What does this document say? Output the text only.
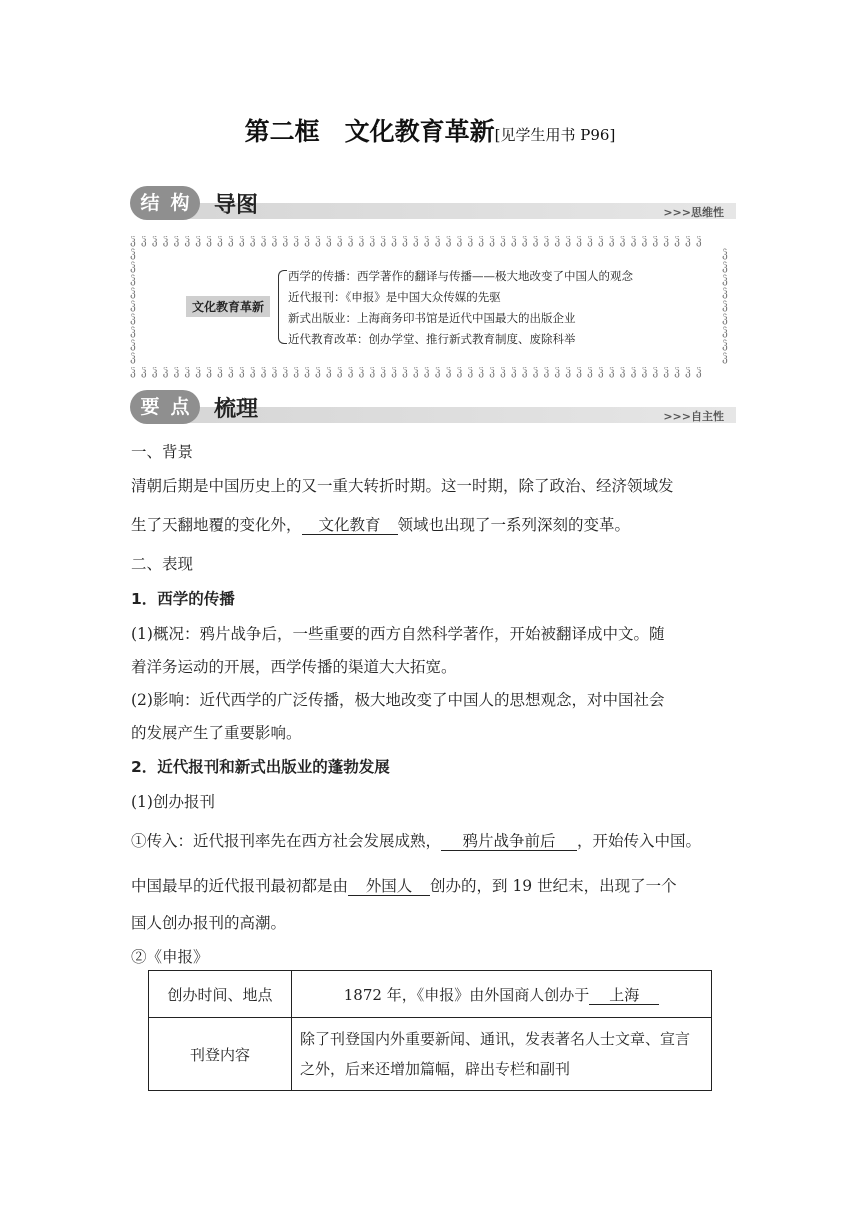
第二框　文化教育革新[见学生用书 P96]
结 构 导图	>>>思维性
ჴ ჴ ჴ ჴ ჴ ჴ ჴ ჴ ჴ ჴ ჴ ჴ ჴ ჴ ჴ ჴ ჴ ჴ ჴ ჴ ჴ ჴ ჴ ჴ ჴ ჴ ჴ ჴ ჴ ჴ ჴ ჴ ჴ ჴ ჴ ჴ ჴ ჴ ჴ ჴ ჴ ჴ ჴ ჴ ჴ ჴ ჴ ჴ ჴ ჴ ჴ ჴ ჴ
ჴ ჴ ჴ ჴ ჴ ჴ ჴ ჴ ჴ ჴ ჴ ჴ ჴ ჴ ჴ ჴ ჴ ჴ ჴ ჴ ჴ ჴ ჴ ჴ ჴ ჴ ჴ ჴ ჴ ჴ ჴ ჴ ჴ ჴ ჴ ჴ ჴ ჴ ჴ ჴ ჴ ჴ ჴ ჴ ჴ ჴ ჴ ჴ ჴ ჴ ჴ ჴ ჴ
ჴ ჴ ჴ ჴ ჴ ჴ ჴ ჴ ჴ
ჴ ჴ ჴ ჴ ჴ ჴ ჴ ჴ ჴ
文化教育革新
西学的传播：西学著作的翻译与传播——极大地改变了中国人的观念
近代报刊：《申报》是中国大众传媒的先驱
新式出版业：上海商务印书馆是近代中国最大的出版企业
近代教育改革：创办学堂、推行新式教育制度、废除科举
要 点 梳理	>>>自主性
一、背景
清朝后期是中国历史上的又一重大转折时期。这一时期，除了政治、经济领域发
生了天翻地覆的变化外， 文化教育 领域也出现了一系列深刻的变革。
二、表现
1．西学的传播
(1)概况：鸦片战争后，一些重要的西方自然科学著作，开始被翻译成中文。随
着洋务运动的开展，西学传播的渠道大大拓宽。
(2)影响：近代西学的广泛传播，极大地改变了中国人的思想观念，对中国社会
的发展产生了重要影响。
2．近代报刊和新式出版业的蓬勃发展
(1)创办报刊
①传入：近代报刊率先在西方社会发展成熟， 鸦片战争前后 ，开始传入中国。
中国最早的近代报刊最初都是由 外国人 创办的，到 19 世纪末，出现了一个
国人创办报刊的高潮。
②《申报》
创办时间、地点	1872 年，《申报》由外国商人创办于 上海
刊登内容	除了刊登国内外重要新闻、通讯，发表著名人士文章、宣言之外，后来还增加篇幅，辟出专栏和副刊
